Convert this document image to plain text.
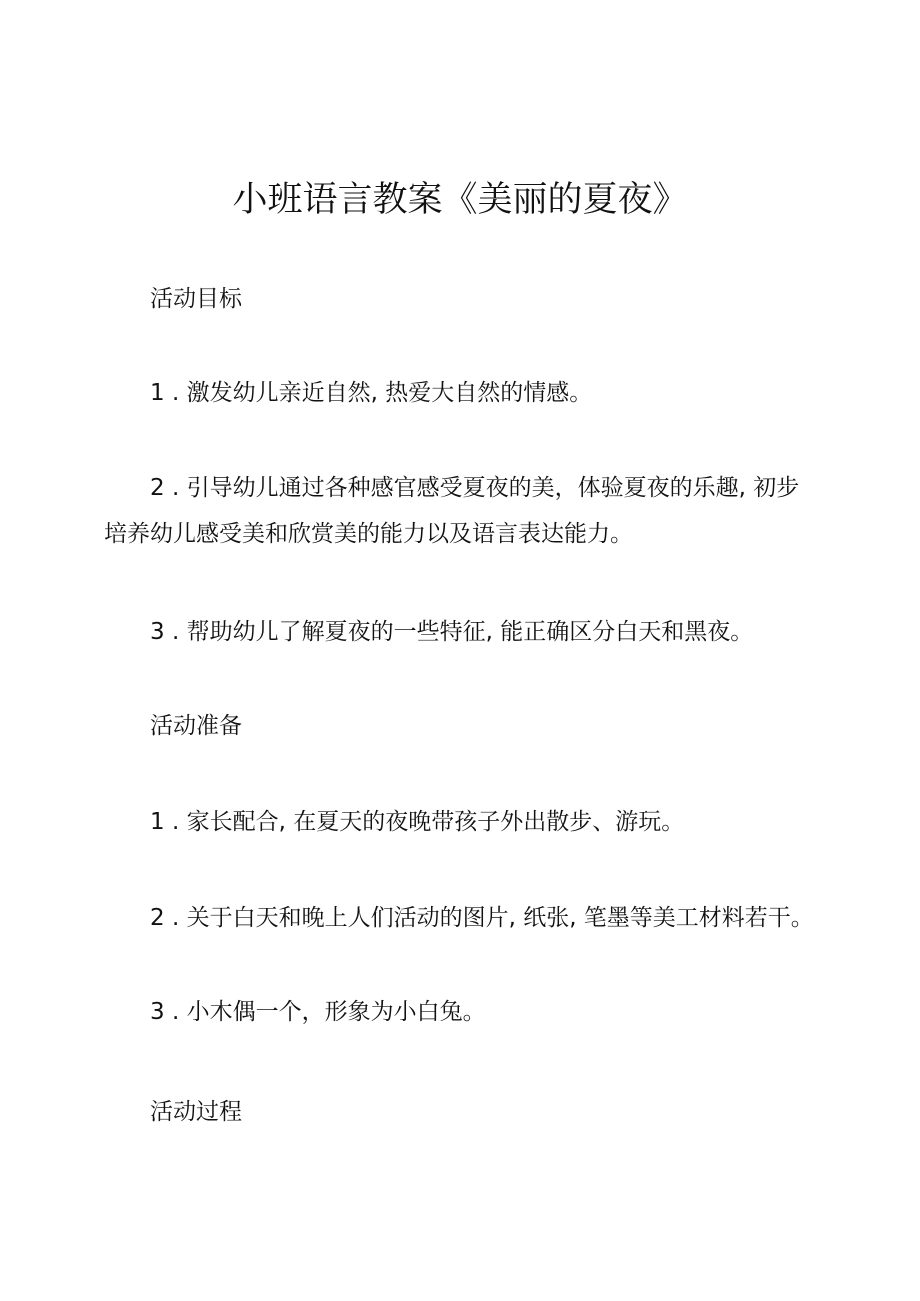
小班语言教案《美丽的夏夜》
活动目标
1 . 激发幼儿亲近自然, 热爱大自然的情感。
2 . 引导幼儿通过各种感官感受夏夜的美，体验夏夜的乐趣, 初步培养幼儿感受美和欣赏美的能力以及语言表达能力。
3 . 帮助幼儿了解夏夜的一些特征, 能正确区分白天和黑夜。
活动准备
1 . 家长配合, 在夏天的夜晚带孩子外出散步、游玩。
2 . 关于白天和晚上人们活动的图片, 纸张, 笔墨等美工材料若干。
3 . 小木偶一个，形象为小白兔。
活动过程
